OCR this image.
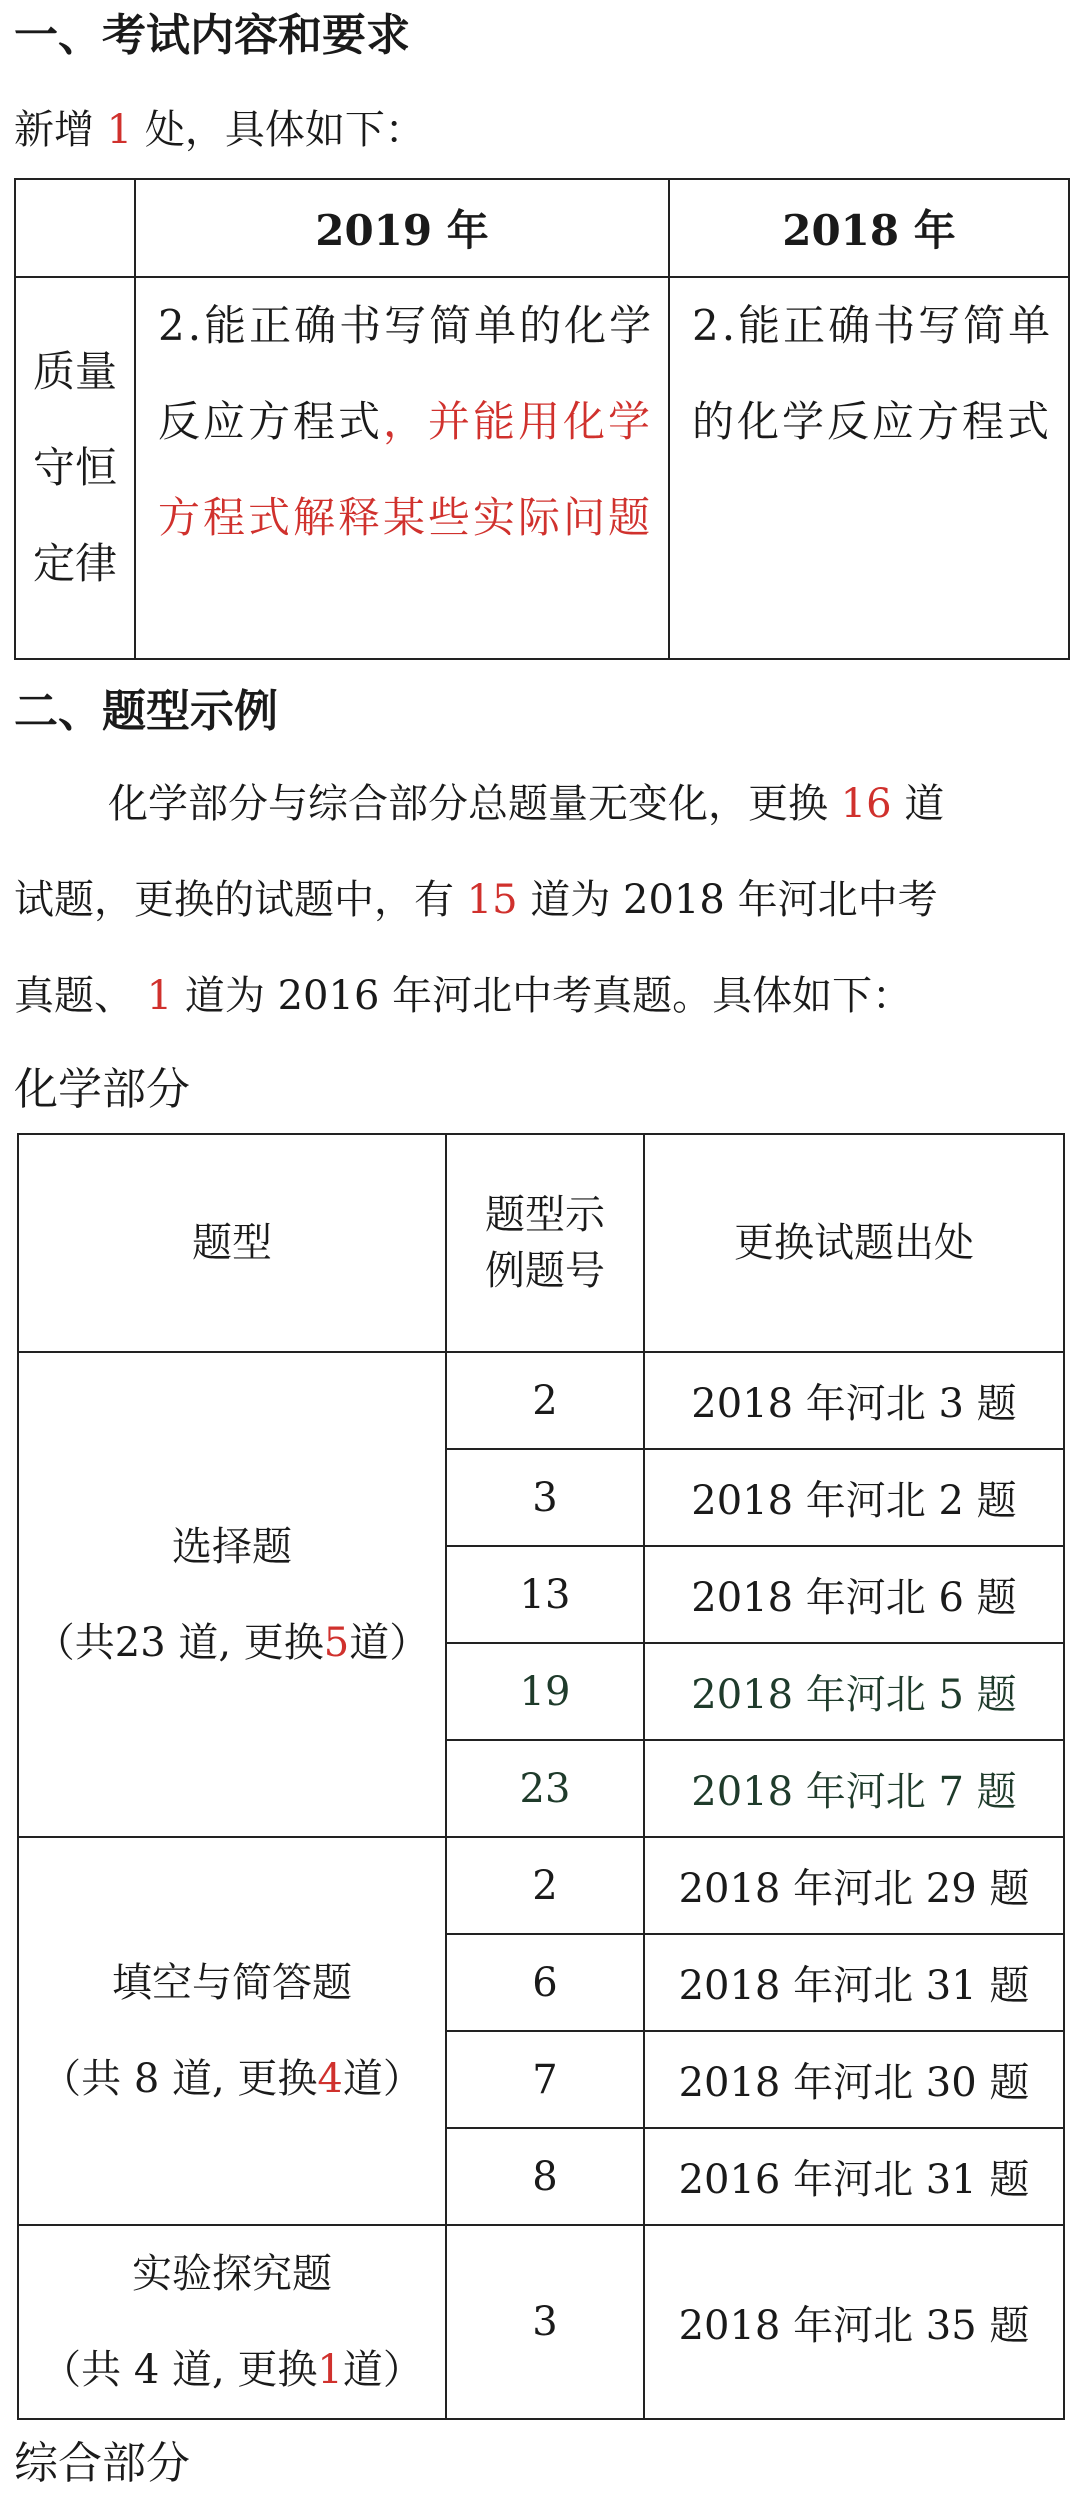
一、考试内容和要求
新增 1 处，具体如下：
	2019 年	2018 年

质量
守恒
定律	2.能正确书写简单的化学反应方程式，并能用化学方程式解释某些实际问题	2.能正确书写简单的化学反应方程式
二、题型示例
化学部分与综合部分总题量无变化，更换 16 道
试题，更换的试题中，有 15 道为 2018 年河北中考
真题、 1 道为 2016 年河北中考真题。具体如下：
化学部分
题型	题型示
例题号	更换试题出处

选择题
（共23 道, 更换5道）	2	2018 年河北 3 题
	3	2018 年河北 2 题
	13	2018 年河北 6 题
	19	2018 年河北 5 题
	23	2018 年河北 7 题

填空与简答题
（共 8 道, 更换4道）	2	2018 年河北 29 题
	6	2018 年河北 31 题
	7	2018 年河北 30 题
	8	2016 年河北 31 题

实验探究题
（共 4 道, 更换1道）	3	2018 年河北 35 题
综合部分
